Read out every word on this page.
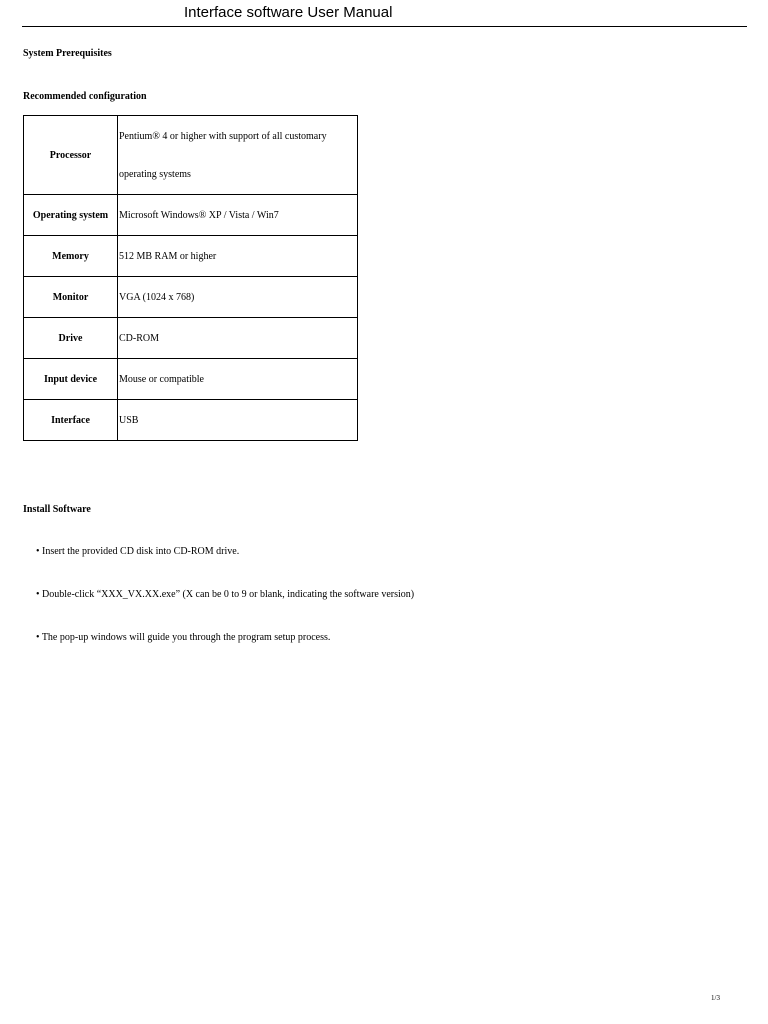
Interface software User Manual
System Prerequisites
Recommended configuration
Processor	Pentium® 4 or higher with support of all customary operating systems

Operating system	Microsoft Windows® XP / Vista / Win7
Memory	512 MB RAM or higher
Monitor	VGA (1024 x 768)
Drive	CD-ROM
Input device	Mouse or compatible
Interface	USB
Install Software
• Insert the provided CD disk into CD-ROM drive.
• Double-click “XXX_VX.XX.exe” (X can be 0 to 9 or blank, indicating the software version)
• The pop-up windows will guide you through the program setup process.
1/3
